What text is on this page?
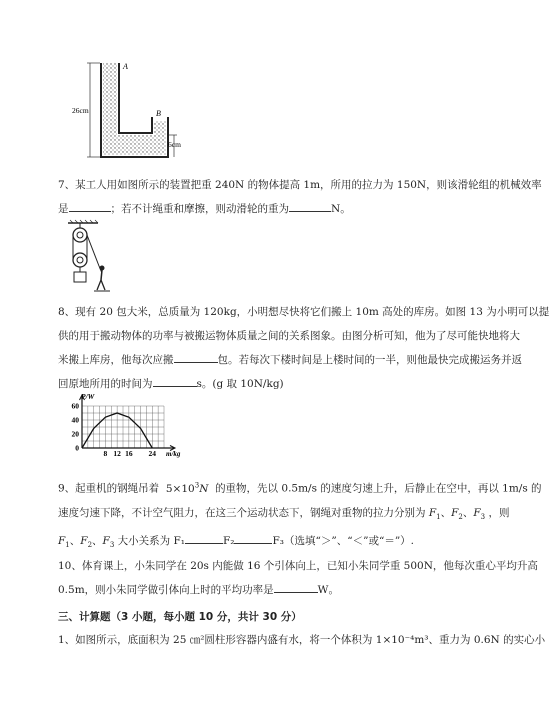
A
B
26cm
6cm
7、某工人用如图所示的装置把重 240N 的物体提高 1m，所用的拉力为 150N，则该滑轮组的机械效率
是	；若不计绳重和摩擦，则动滑轮的重为	N。
8、现有 20 包大米，总质量为 120kg，小明想尽快将它们搬上 10m 高处的库房。如图 13 为小明可以提
供的用于搬动物体的功率与被搬运物体质量之间的关系图象。由图分析可知，他为了尽可能快地将大
米搬上库房，他每次应搬	包。若每次下楼时间是上楼时间的一半，则他最快完成搬运务并返
回原地所用的时间为	s。(g 取 10N/kg)
60
40
20
0
8 12 16 24
P/W
m/kg
9、起重机的钢绳吊着 $5\times 10^3N$ 的重物，先以 0.5m/s 的速度匀速上升，后静止在空中，再以 1m/s 的
速度匀速下降，不计空气阻力，在这三个运动状态下，钢绳对重物的拉力分别为 $F_1$、$F_2$、$F_3$ ，则
$F_1$、$F_2$、$F_3$ 大小关系为 F₁	F₂	F₃（选填“＞”、“＜”或“＝”）.
10、体育课上，小朱同学在 20s 内能做 16 个引体向上，已知小朱同学重 500N，他每次重心平均升高
0.5m，则小朱同学做引体向上时的平均功率是	W。
三、计算题（3 小题，每小题 10 分，共计 30 分）
1、如图所示，底面积为 25 ㎝²圆柱形容器内盛有水，将一个体积为 1×10⁻⁴m³、重力为 0.6N 的实心小
